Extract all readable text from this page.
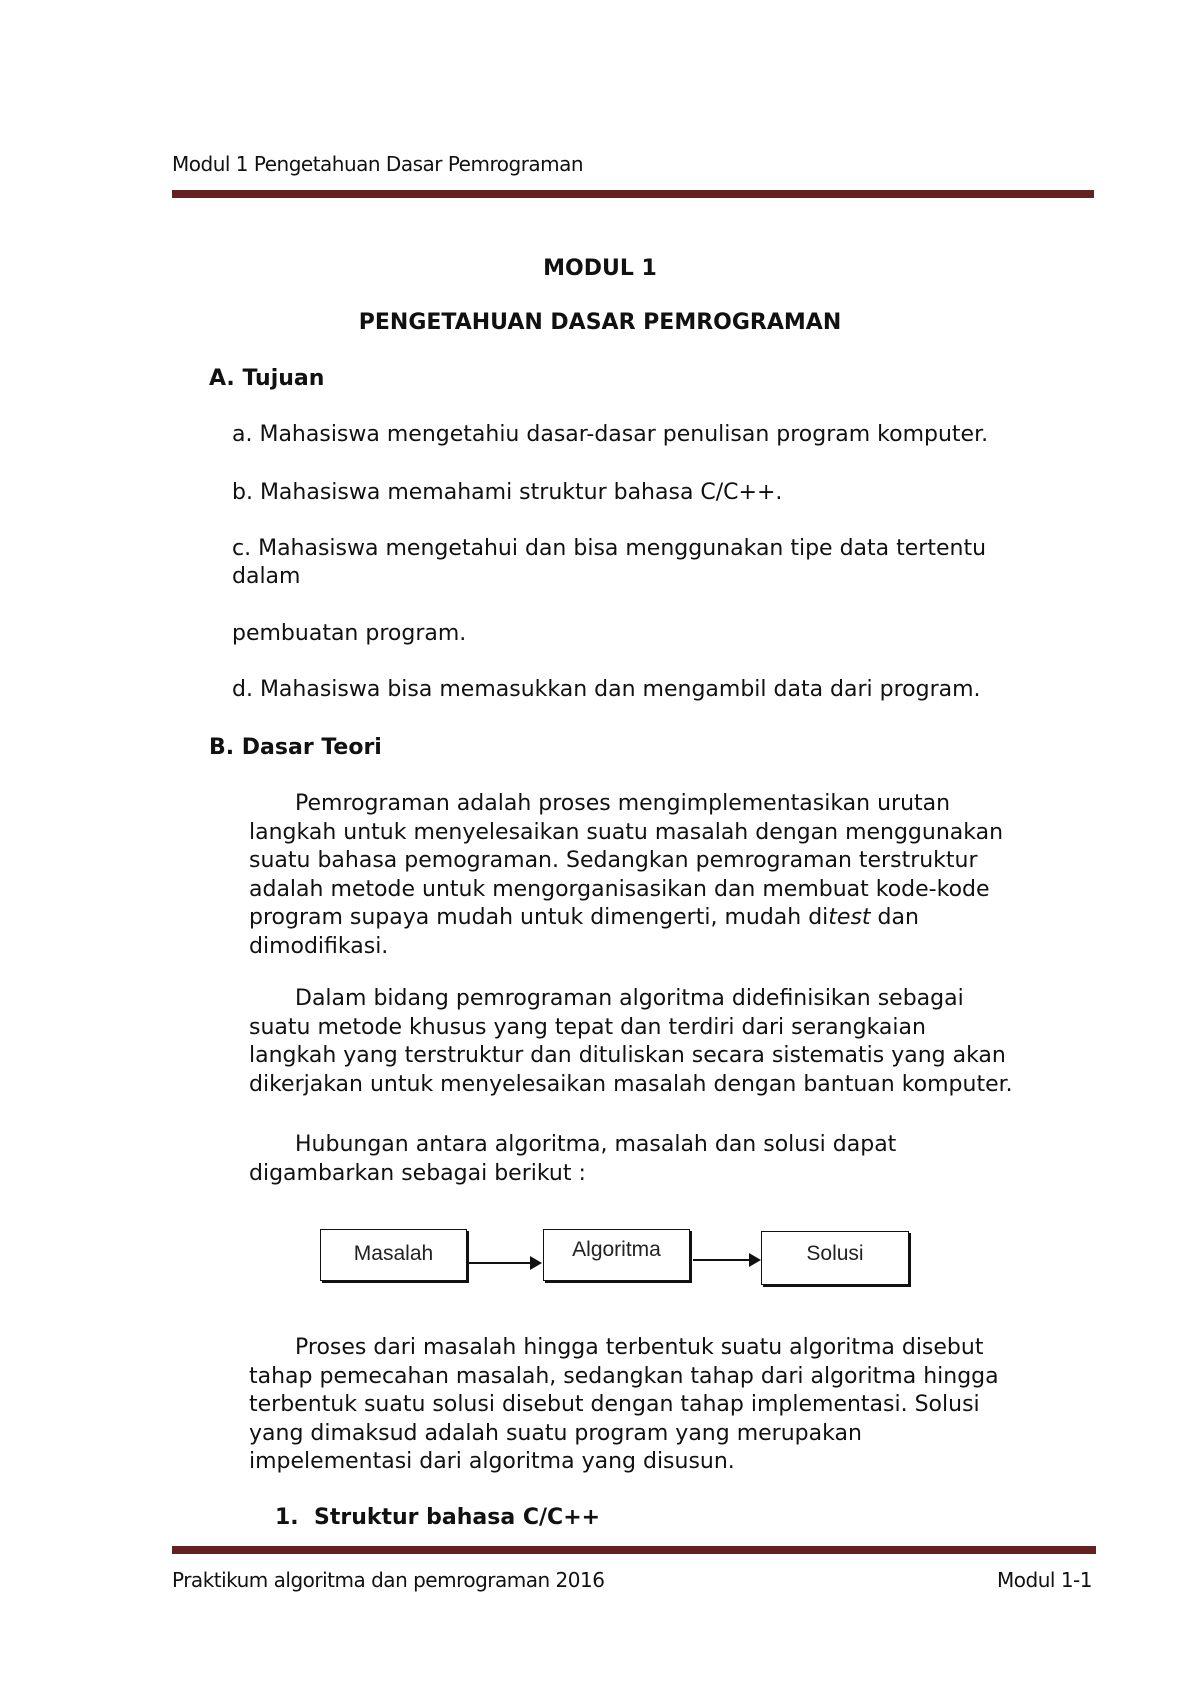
Modul 1 Pengetahuan Dasar Pemrograman
MODUL 1
PENGETAHUAN DASAR PEMROGRAMAN
A. Tujuan
a. Mahasiswa mengetahiu dasar-dasar penulisan program komputer.
b. Mahasiswa memahami struktur bahasa C/C++.
c. Mahasiswa mengetahui dan bisa menggunakan tipe data tertentu
dalam
pembuatan program.
d. Mahasiswa bisa memasukkan dan mengambil data dari program.
B. Dasar Teori
Pemrograman adalah proses mengimplementasikan urutan
langkah untuk menyelesaikan suatu masalah dengan menggunakan
suatu bahasa pemograman. Sedangkan pemrograman terstruktur
adalah metode untuk mengorganisasikan dan membuat kode-kode
program supaya mudah untuk dimengerti, mudah ditest dan
dimodifikasi.
Dalam bidang pemrograman algoritma didefinisikan sebagai
suatu metode khusus yang tepat dan terdiri dari serangkaian
langkah yang terstruktur dan dituliskan secara sistematis yang akan
dikerjakan untuk menyelesaikan masalah dengan bantuan komputer.
Hubungan antara algoritma, masalah dan solusi dapat
digambarkan sebagai berikut :
Masalah	Algoritma	Solusi
Proses dari masalah hingga terbentuk suatu algoritma disebut
tahap pemecahan masalah, sedangkan tahap dari algoritma hingga
terbentuk suatu solusi disebut dengan tahap implementasi. Solusi
yang dimaksud adalah suatu program yang merupakan
impelementasi dari algoritma yang disusun.
1.  Struktur bahasa C/C++
Praktikum algoritma dan pemrograman 2016	Modul 1-1
